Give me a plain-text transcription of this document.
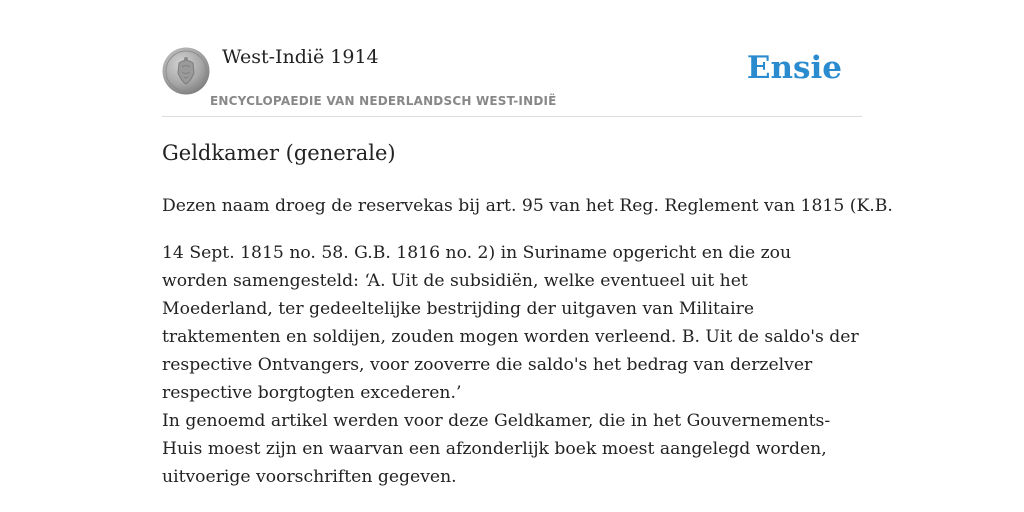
West-Indië 1914
ENCYCLOPAEDIE VAN NEDERLANDSCH WEST-INDIË
Ensie
Geldkamer (generale)

Dezen naam droeg de reservekas bij art. 95 van het Reg. Reglement van 1815 (K.B.

14 Sept. 1815 no. 58. G.B. 1816 no. 2) in Suriname opgericht en die zou worden samengesteld: ‘A. Uit de subsidiën, welke eventueel uit het Moederland, ter gedeeltelijke bestrijding der uitgaven van Militaire traktementen en soldijen, zouden mogen worden verleend. B. Uit de saldo's der respective Ontvangers, voor zooverre die saldo's het bedrag van derzelver respective borgtogten excederen.’

In genoemd artikel werden voor deze Geldkamer, die in het Gouvernements-Huis moest zijn en waarvan een afzonderlijk boek moest aangelegd worden, uitvoerige voorschriften gegeven.
